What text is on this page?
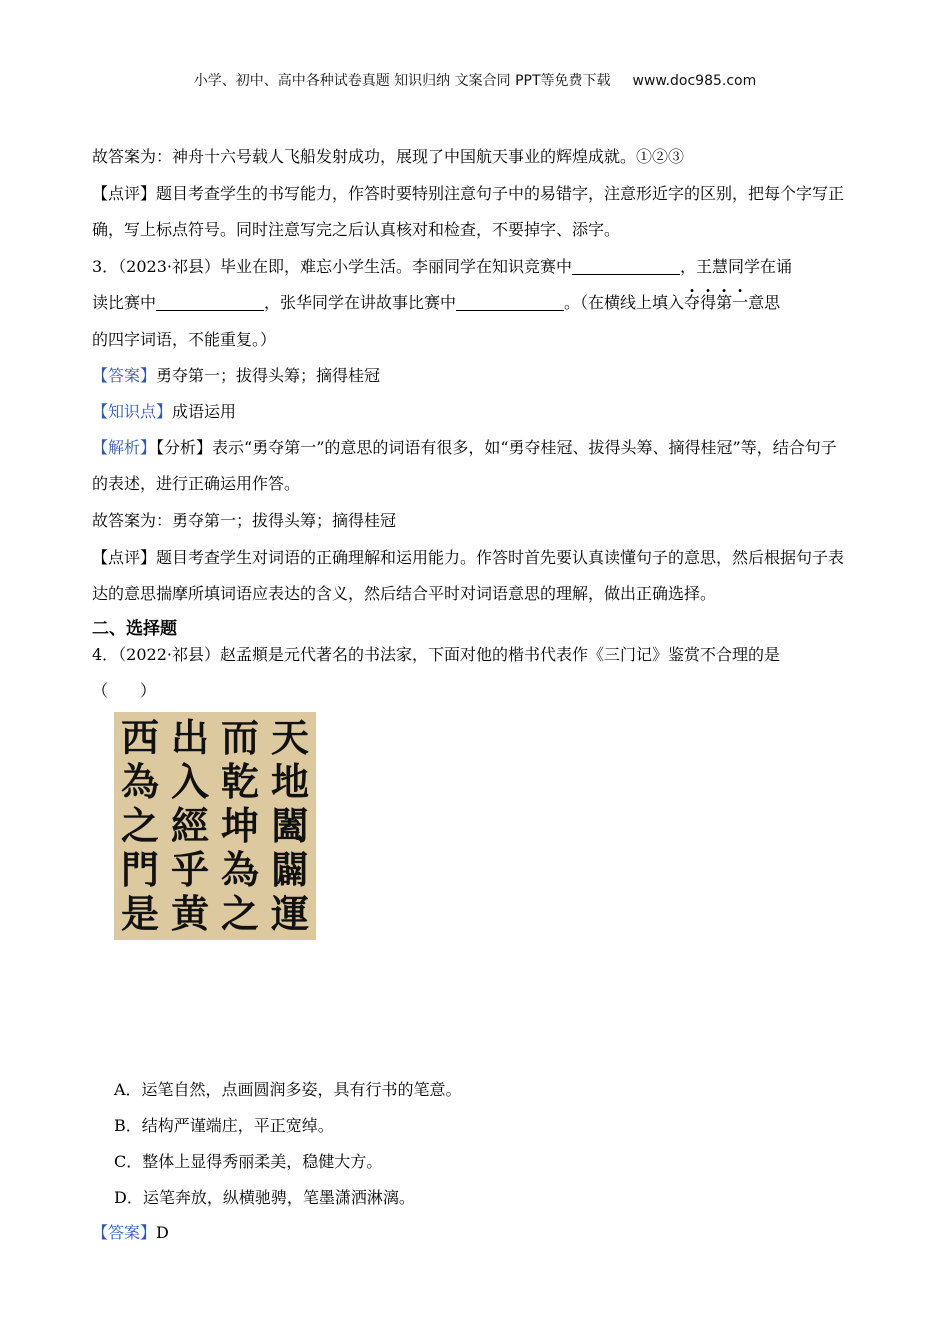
小学、初中、高中各种试卷真题 知识归纳 文案合同 PPT等免费下载 www.doc985.com
故答案为：神舟十六号载人飞船发射成功，展现了中国航天事业的辉煌成就。①②③
【点评】题目考查学生的书写能力，作答时要特别注意句子中的易错字，注意形近字的区别，把每个字写正确，写上标点符号。同时注意写完之后认真核对和检查，不要掉字、添字。
3．（2023·祁县）毕业在即，难忘小学生活。李丽同学在知识竞赛中	，王慧同学在诵
读比赛中	，张华同学在讲故事比赛中	。（在横线上填入夺得第一意思
的四字词语，不能重复。）
【答案】勇夺第一；拔得头筹；摘得桂冠
【知识点】成语运用
【解析】【分析】表示“勇夺第一”的意思的词语有很多，如“勇夺桂冠、拔得头筹、摘得桂冠”等，结合句子的表述，进行正确运用作答。
故答案为：勇夺第一；拔得头筹；摘得桂冠
【点评】题目考查学生对词语的正确理解和运用能力。作答时首先要认真读懂句子的意思，然后根据句子表达的意思揣摩所填词语应表达的含义，然后结合平时对词语意思的理解，做出正确选择。
二、选择题
4．（2022·祁县）赵孟頫是元代著名的书法家，下面对他的楷书代表作《三门记》鉴赏不合理的是
（　　）
天
地
闔
闢
運
而
乾
坤
為
之
出
入
經
乎
黄
西
為
之
門
是
A．运笔自然，点画圆润多姿，具有行书的笔意。
B．结构严谨端庄，平正宽绰。
C．整体上显得秀丽柔美，稳健大方。
D．运笔奔放，纵横驰骋，笔墨潇洒淋漓。
【答案】D
